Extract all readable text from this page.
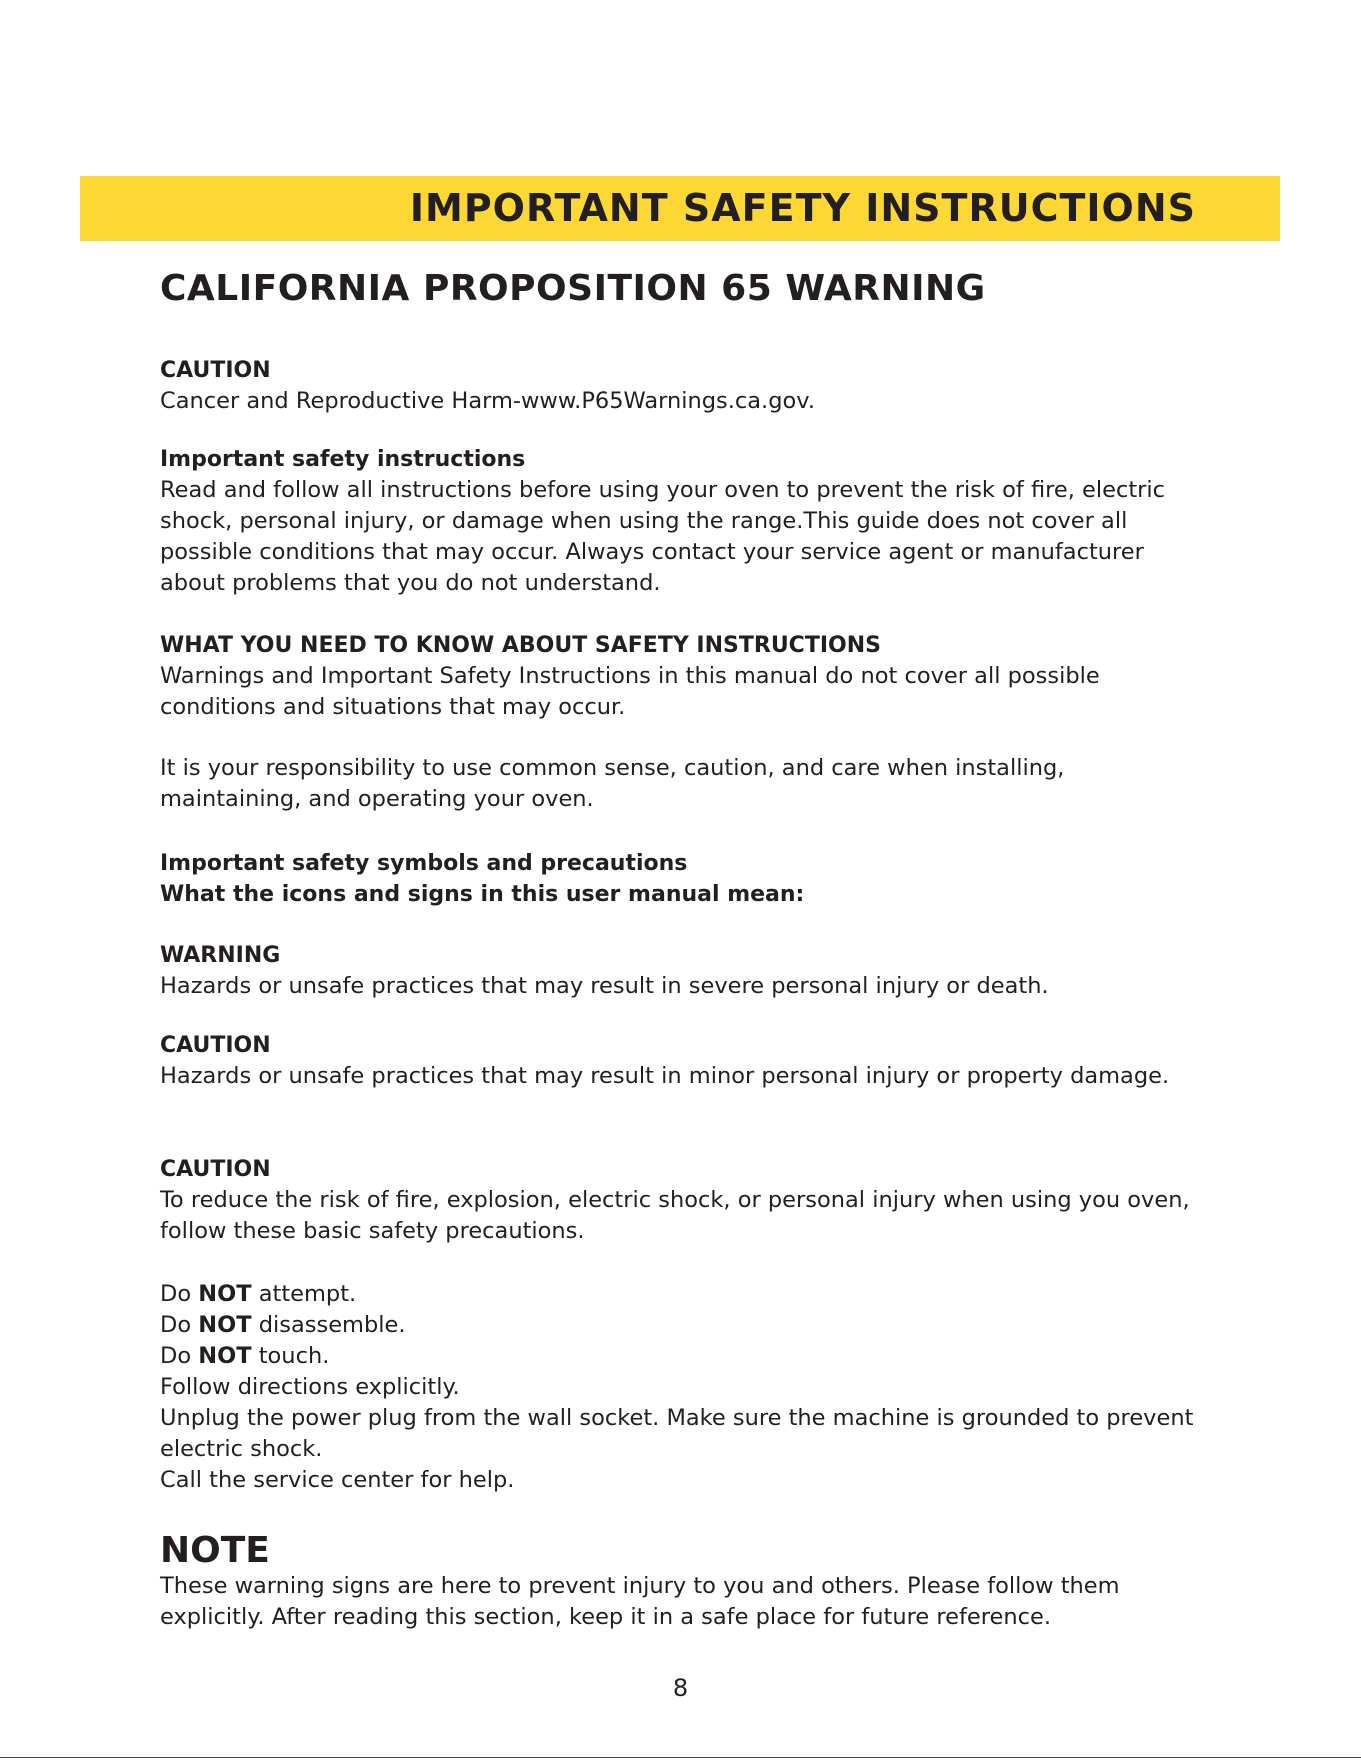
IMPORTANT SAFETY INSTRUCTIONS
CALIFORNIA PROPOSITION 65 WARNING
CAUTION

Cancer and Reproductive Harm-www.P65Warnings.ca.gov.

Important safety instructions

Read and follow all instructions before using your oven to prevent the risk of fire, electric shock, personal injury, or damage when using the range.This guide does not cover all possible conditions that may occur. Always contact your service agent or manufacturer about problems that you do not understand.

WHAT YOU NEED TO KNOW ABOUT SAFETY INSTRUCTIONS

Warnings and Important Safety Instructions in this manual do not cover all possible conditions and situations that may occur.

It is your responsibility to use common sense, caution, and care when installing, maintaining, and operating your oven.

Important safety symbols and precautions
What the icons and signs in this user manual mean:
WARNING

Hazards or unsafe practices that may result in severe personal injury or death.

CAUTION

Hazards or unsafe practices that may result in minor personal injury or property damage.

CAUTION

To reduce the risk of fire, explosion, electric shock, or personal injury when using you oven, follow these basic safety precautions.

Do NOT attempt.
Do NOT disassemble.
Do NOT touch.
Follow directions explicitly.

Unplug the power plug from the wall socket. Make sure the machine is grounded to prevent electric shock.

Call the service center for help.
NOTE

These warning signs are here to prevent injury to you and others. Please follow them explicitly. After reading this section, keep it in a safe place for future reference.

8
